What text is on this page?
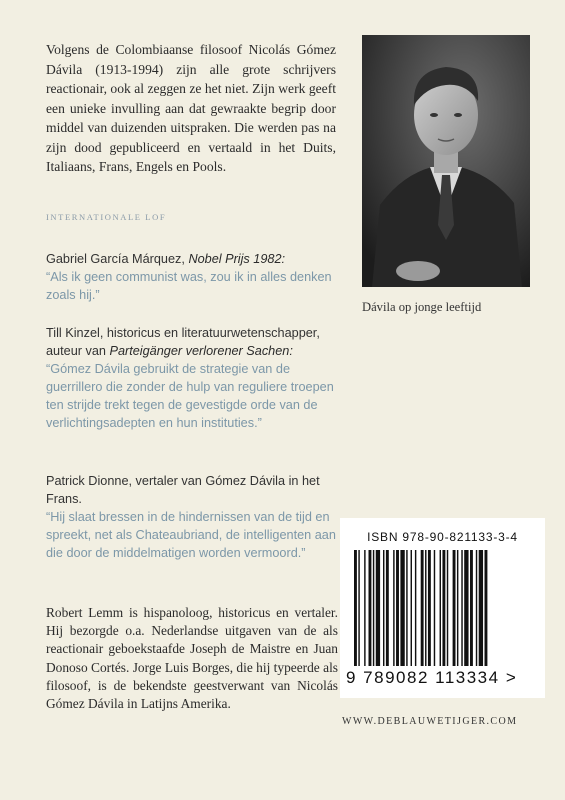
Volgens de Colombiaanse filosoof Nicolás Gómez Dávila (1913-1994) zijn alle grote schrijvers reactionair, ook al zeggen ze het niet. Zijn werk geeft een unieke invulling aan dat gewraakte begrip door middel van duizenden uitspraken. Die werden pas na zijn dood gepubliceerd en vertaald in het Duits, Italiaans, Frans, Engels en Pools.
INTERNATIONALE LOF
Gabriel García Márquez, Nobel Prijs 1982:
“Als ik geen communist was, zou ik in alles denken zoals hij.”
Till Kinzel, historicus en literatuurwetenschapper, auteur van Parteigänger verlorener Sachen:
“Gómez Dávila gebruikt de strategie van de guerrillero die zonder de hulp van reguliere troepen ten strijde trekt tegen de gevestigde orde van de verlichtingsadepten en hun instituties.”
Patrick Dionne, vertaler van Gómez Dávila in het Frans.
“Hij slaat bressen in de hindernissen van de tijd en spreekt, net als Chateaubriand, de intelligenten aan die door de middelmatigen worden vermoord.”
Robert Lemm is hispanoloog, historicus en vertaler. Hij bezorgde o.a. Nederlandse uitgaven van de als reactionair geboekstaafde Joseph de Maistre en Juan Donoso Cortés. Jorge Luis Borges, die hij typeerde als filosoof, is de bekendste geestverwant van Nicolás Gómez Dávila in Latijns Amerika.
Dávila op jonge leeftijd
ISBN 978-90-821133-3-4
9 789082 113334 >
WWW.DEBLAUWETIJGER.COM
